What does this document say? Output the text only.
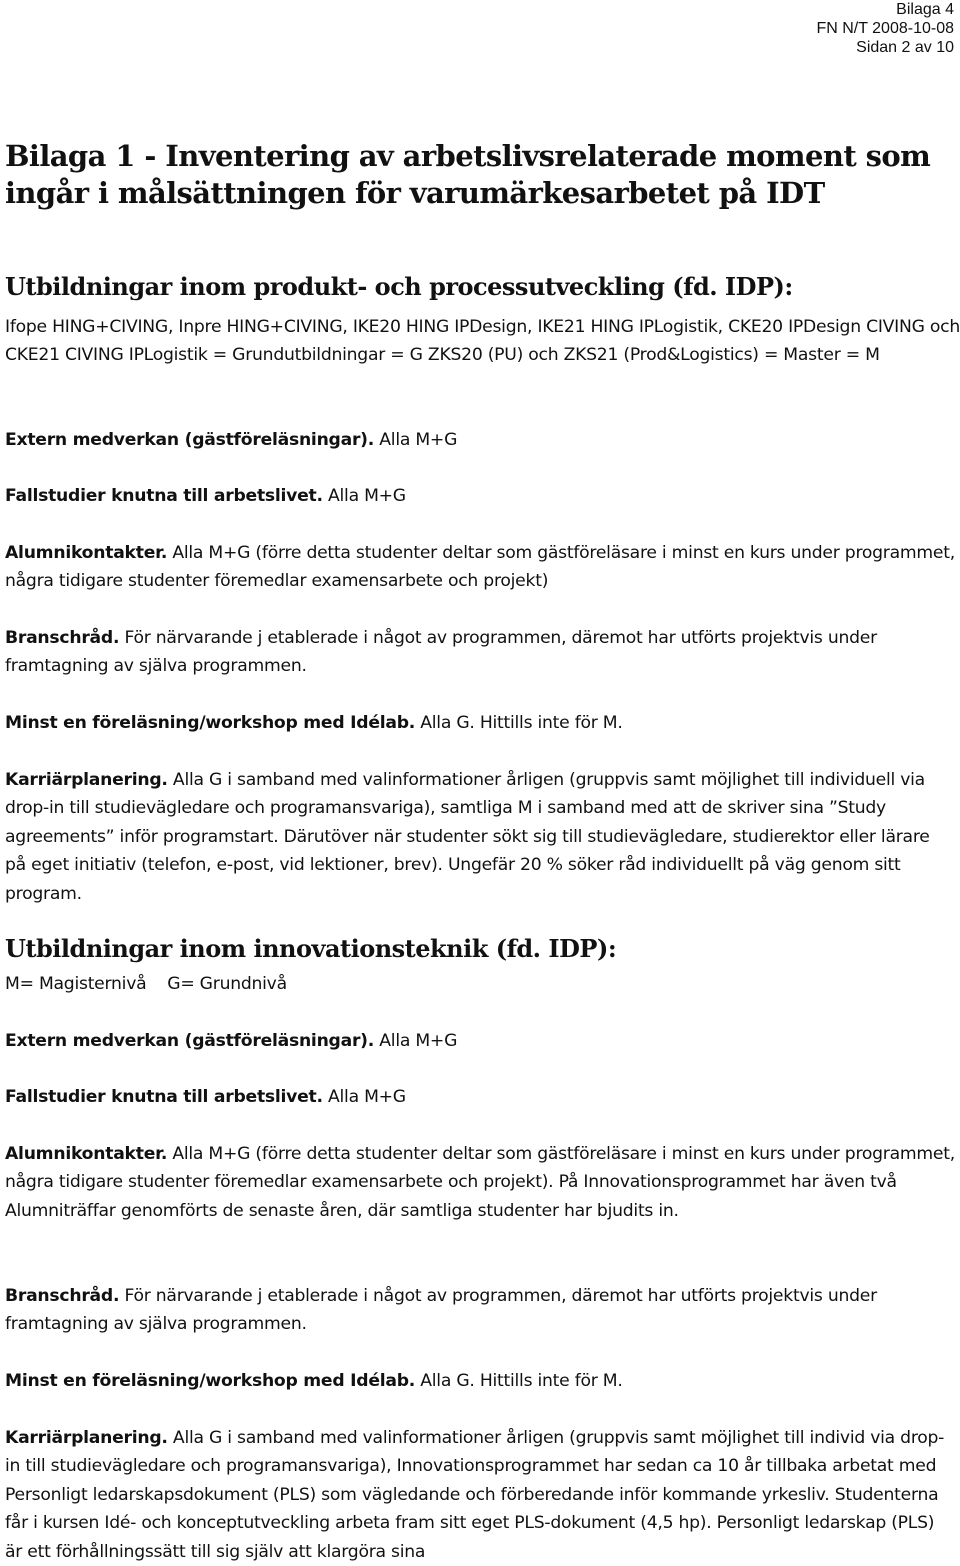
Bilaga 4
FN N/T 2008-10-08
Sidan 2 av 10
Bilaga 1 - Inventering av arbetslivsrelaterade moment som ingår i målsättningen för varumärkesarbetet på IDT
Utbildningar inom produkt- och processutveckling (fd. IDP):
Ifope HING+CIVING, Inpre HING+CIVING, IKE20 HING IPDesign, IKE21 HING IPLogistik, CKE20 IPDesign CIVING och CKE21 CIVING IPLogistik = Grundutbildningar = G ZKS20 (PU) och ZKS21 (Prod&Logistics) = Master = M
Extern medverkan (gästföreläsningar). Alla M+G
Fallstudier knutna till arbetslivet. Alla M+G
Alumnikontakter. Alla M+G (förre detta studenter deltar som gästföreläsare i minst en kurs under programmet, några tidigare studenter föremedlar examensarbete och projekt)
Branschråd. För närvarande j etablerade i något av programmen, däremot har utförts projektvis under framtagning av själva programmen.
Minst en föreläsning/workshop med Idélab. Alla G. Hittills inte för M.
Karriärplanering. Alla G i samband med valinformationer årligen (gruppvis samt möjlighet till individuell via drop-in till studievägledare och programansvariga), samtliga M i samband med att de skriver sina ”Study agreements” inför programstart. Därutöver när studenter sökt sig till studievägledare, studierektor eller lärare på eget initiativ (telefon, e-post, vid lektioner, brev). Ungefär 20 % söker råd individuellt på väg genom sitt program.
Utbildningar inom innovationsteknik (fd. IDP):
M= Magisternivå    G= Grundnivå
Extern medverkan (gästföreläsningar). Alla M+G
Fallstudier knutna till arbetslivet. Alla M+G
Alumnikontakter. Alla M+G (förre detta studenter deltar som gästföreläsare i minst en kurs under programmet, några tidigare studenter föremedlar examensarbete och projekt). På Innovationsprogrammet har även två Alumniträffar genomförts de senaste åren, där samtliga studenter har bjudits in.
Branschråd. För närvarande j etablerade i något av programmen, däremot har utförts projektvis under framtagning av själva programmen.
Minst en föreläsning/workshop med Idélab. Alla G. Hittills inte för M.
Karriärplanering. Alla G i samband med valinformationer årligen (gruppvis samt möjlighet till individ via drop-in till studievägledare och programansvariga), Innovationsprogrammet har sedan ca 10 år tillbaka arbetat med Personligt ledarskapsdokument (PLS) som vägledande och förberedande inför kommande yrkesliv. Studenterna får i kursen Idé- och konceptutveckling arbeta fram sitt eget PLS-dokument (4,5 hp). Personligt ledarskap (PLS) är ett förhållningssätt till sig själv att klargöra sina
